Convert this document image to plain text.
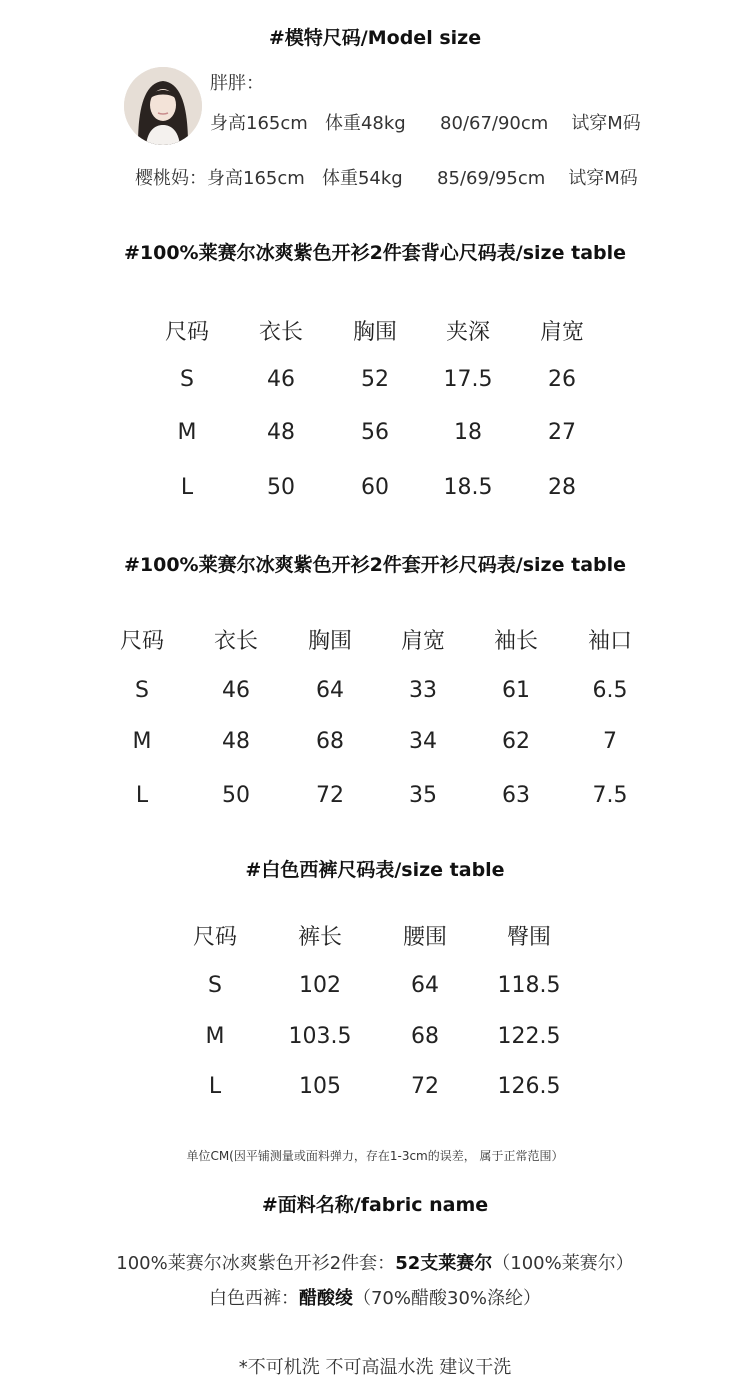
#模特尺码/Model size
胖胖：
身高165cm   体重48kg      80/67/90cm    试穿M码
樱桃妈：身高165cm   体重54kg      85/69/95cm    试穿M码
#100%莱赛尔冰爽紫色开衫2件套背心尺码表/size table
尺码	衣长	胸围	夹深	肩宽
S	46	52	17.5	26
M	48	56	18	27
L	50	60	18.5	28
#100%莱赛尔冰爽紫色开衫2件套开衫尺码表/size table
尺码	衣长	胸围	肩宽	袖长	袖口
S	46	64	33	61	6.5
M	48	68	34	62	7
L	50	72	35	63	7.5
#白色西裤尺码表/size table
尺码	裤长	腰围	臀围
S	102	64	118.5
M	103.5	68	122.5
L	105	72	126.5
单位CM(因平铺测量或面料弹力，存在1-3cm的误差， 属于正常范围）
#面料名称/fabric name
100%莱赛尔冰爽紫色开衫2件套：52支莱赛尔（100%莱赛尔）
白色西裤：醋酸绫（70%醋酸30%涤纶）
*不可机洗 不可高温水洗 建议干洗
